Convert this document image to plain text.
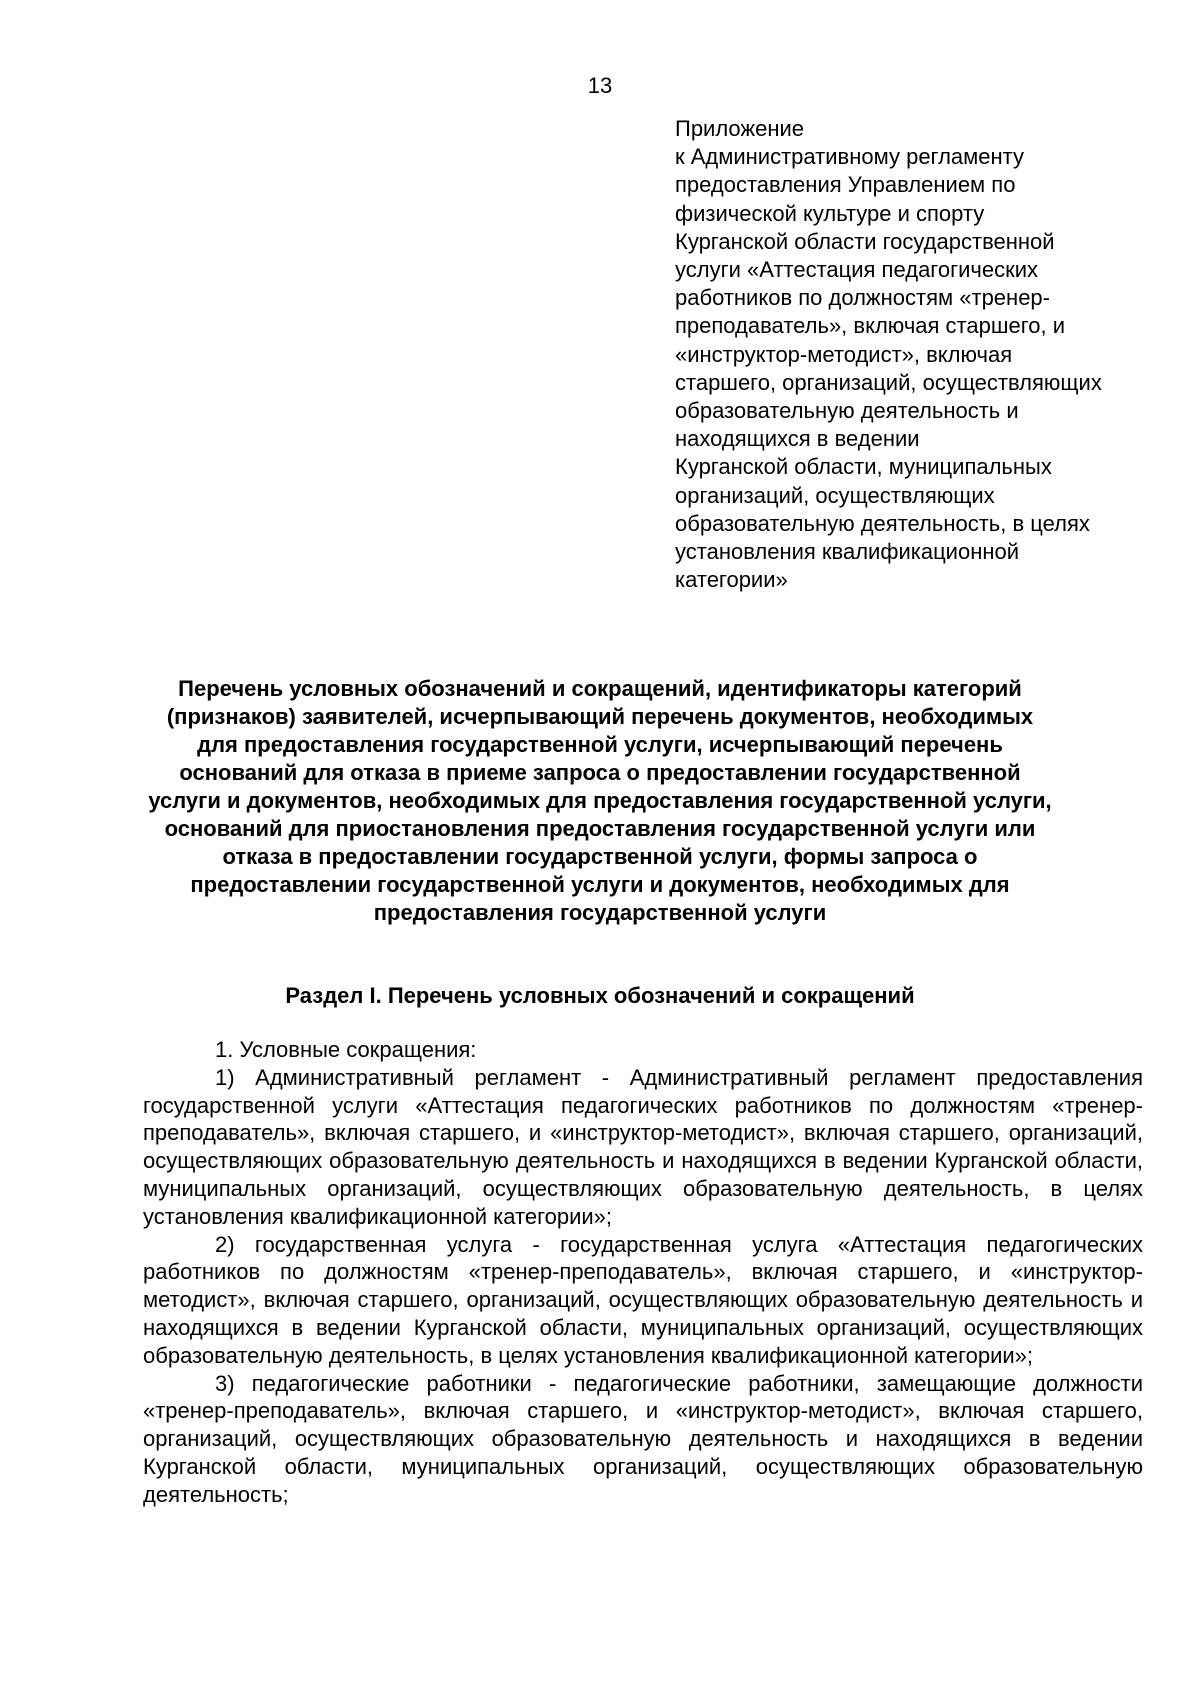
13
Приложение
к Административному регламенту
предоставления Управлением по
физической культуре и спорту
Курганской области государственной
услуги «Аттестация педагогических
работников по должностям «тренер-
преподаватель», включая старшего, и
«инструктор-методист», включая
старшего, организаций, осуществляющих
образовательную деятельность и
находящихся в ведении
Курганской области, муниципальных
организаций, осуществляющих
образовательную деятельность, в целях
установления квалификационной
категории»
Перечень условных обозначений и сокращений, идентификаторы категорий
(признаков) заявителей, исчерпывающий перечень документов, необходимых
для предоставления государственной услуги, исчерпывающий перечень
оснований для отказа в приеме запроса о предоставлении государственной
услуги и документов, необходимых для предоставления государственной услуги,
оснований для приостановления предоставления государственной услуги или
отказа в предоставлении государственной услуги, формы запроса о
предоставлении государственной услуги и документов, необходимых для
предоставления государственной услуги
Раздел I. Перечень условных обозначений и сокращений

1. Условные сокращения:

1) Административный регламент - Административный регламент предоставления государственной услуги «Аттестация педагогических работников по должностям «тренер-преподаватель», включая старшего, и «инструктор-методист», включая старшего, организаций, осуществляющих образовательную деятельность и находящихся в ведении Курганской области, муниципальных организаций, осуществляющих образовательную деятельность, в целях установления квалификационной категории»;

2) государственная услуга - государственная услуга «Аттестация педагогических работников по должностям «тренер-преподаватель», включая старшего, и «инструктор-методист», включая старшего, организаций, осуществляющих образовательную деятельность и находящихся в ведении Курганской области, муниципальных организаций, осуществляющих образовательную деятельность, в целях установления квалификационной категории»;

3) педагогические работники - педагогические работники, замещающие должности «тренер-преподаватель», включая старшего, и «инструктор-методист», включая старшего, организаций, осуществляющих образовательную деятельность и находящихся в ведении Курганской области, муниципальных организаций, осуществляющих образовательную деятельность;
